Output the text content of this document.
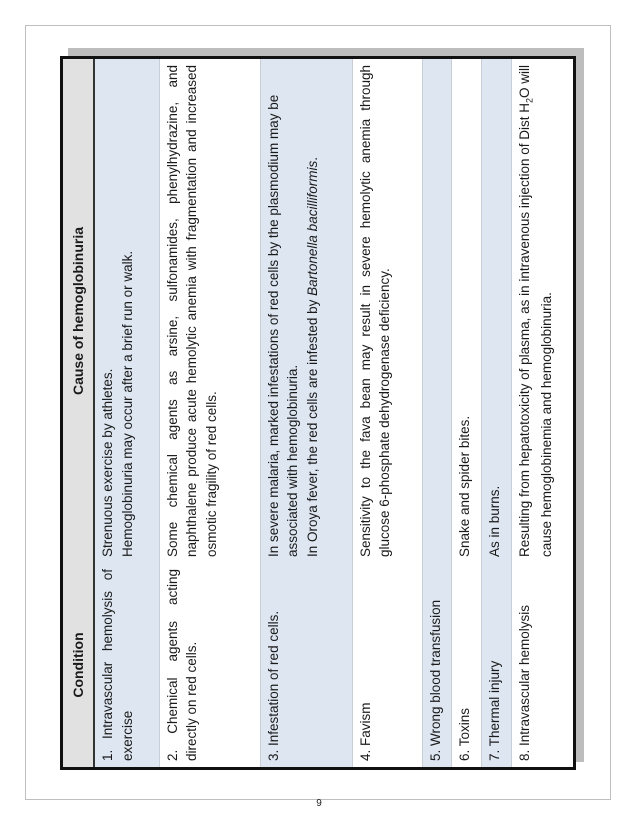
Condition	Cause of hemoglobinuria
1. Intravascular hemolysis of exercise	Strenuous exercise by athletes. Hemoglobinuria may occur after a brief run or walk.

2. Chemical agents acting directly on red cells.	Some chemical agents as arsine, sulfonamides, phenylhydrazine, and naphthalene produce acute hemolytic anemia with fragmentation and increased osmotic fragility of red cells.

3. Infestation of red cells.	In severe malaria, marked infestations of red cells by the plasmodium may be associated with hemoglobinuria. In Oroya fever, the red cells are infested by Bartonella bacilliformis.

4. Favism	Sensitivity to the fava bean may result in severe hemolytic anemia through glucose 6-phosphate dehydrogenase deficiency.

5. Wrong blood transfusion	

6. Toxins	Snake and spider bites.

7. Thermal injury	As in burns.

8. Intravascular hemolysis	Resulting from hepatotoxicity of plasma, as in intravenous injection of Dist $H_2O$ will cause hemoglobinemia and hemoglobinuria.
9
